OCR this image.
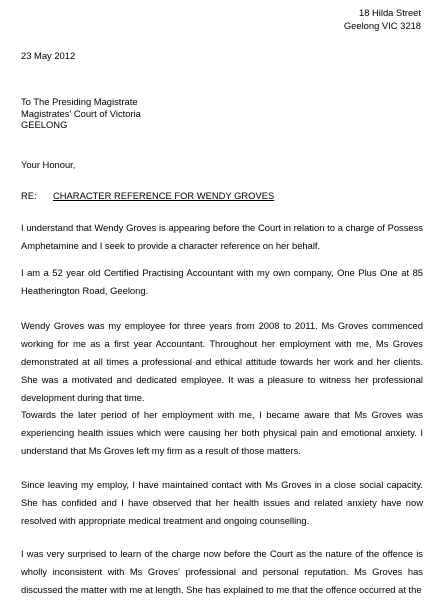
18 Hilda Street
Geelong VIC 3218
23 May 2012
To The Presiding Magistrate
Magistrates' Court of Victoria
GEELONG
Your Honour,
RE:	CHARACTER REFERENCE FOR WENDY GROVES

I understand that Wendy Groves is appearing before the Court in relation to a charge of Possess Amphetamine and I seek to provide a character reference on her behalf.

I am a 52 year old Certified Practising Accountant with my own company, One Plus One at 85 Heatherington Road, Geelong.

Wendy Groves was my employee for three years from 2008 to 2011. Ms Groves commenced working for me as a first year Accountant. Throughout her employment with me, Ms Groves demonstrated at all times a professional and ethical attitude towards her work and her clients. She was a motivated and dedicated employee. It was a pleasure to witness her professional development during that time.

Towards the later period of her employment with me, I became aware that Ms Groves was experiencing health issues which were causing her both physical pain and emotional anxiety. I understand that Ms Groves left my firm as a result of those matters.

Since leaving my employ, I have maintained contact with Ms Groves in a close social capacity. She has confided and I have observed that her health issues and related anxiety have now resolved with appropriate medical treatment and ongoing counselling.

I was very surprised to learn of the charge now before the Court as the nature of the offence is wholly inconsistent with Ms Groves' professional and personal reputation. Ms Groves has discussed the matter with me at length. She has explained to me that the offence occurred at the
